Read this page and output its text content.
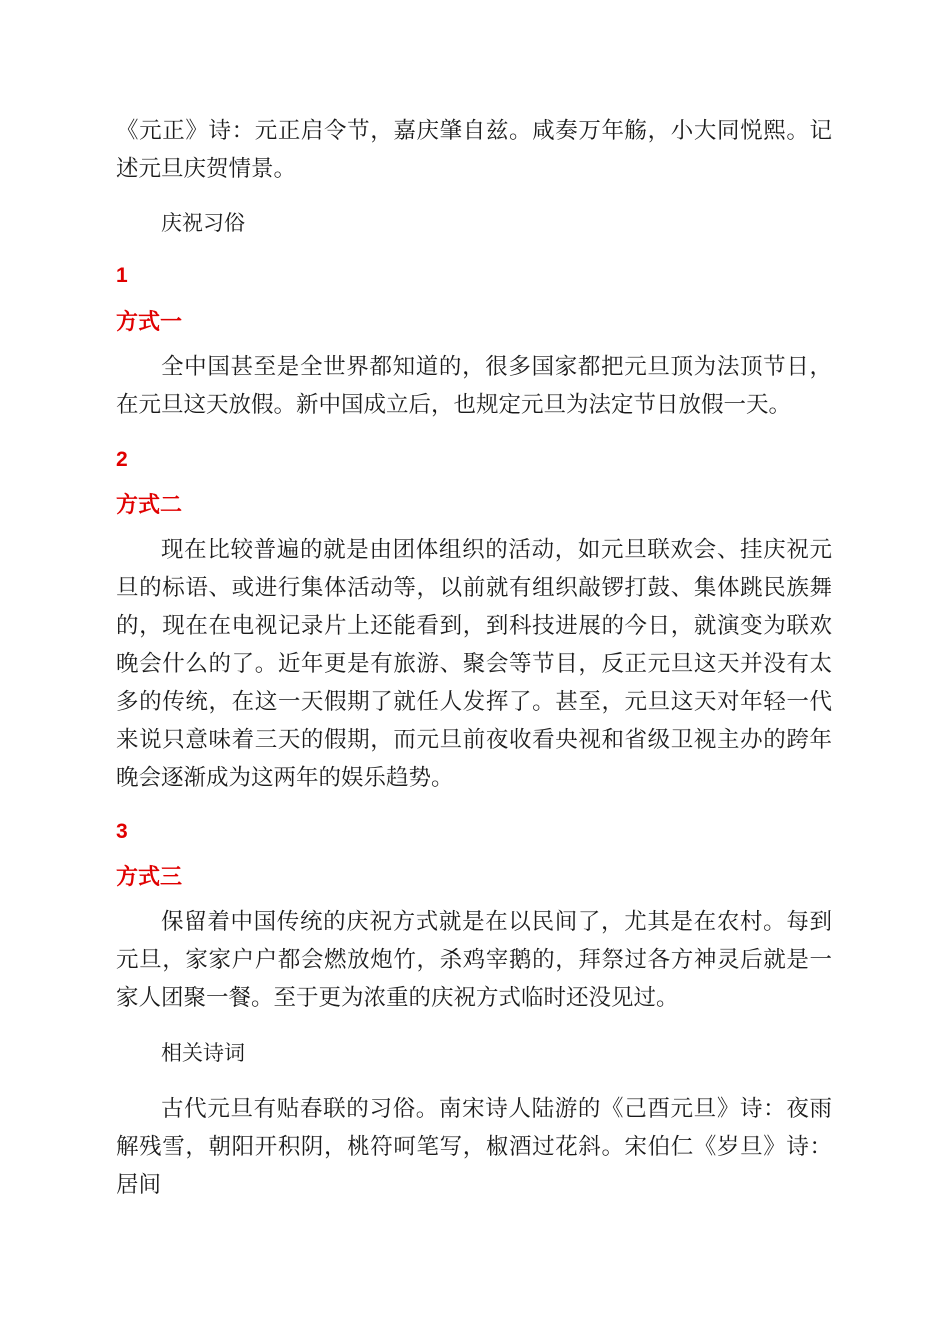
《元正》诗：元正启令节，嘉庆肇自兹。咸奏万年觞，小大同悦熙。记述元旦庆贺情景。

庆祝习俗

1

方式一

全中国甚至是全世界都知道的，很多国家都把元旦顶为法顶节日，在元旦这天放假。新中国成立后，也规定元旦为法定节日放假一天。

2

方式二

现在比较普遍的就是由团体组织的活动，如元旦联欢会、挂庆祝元旦的标语、或进行集体活动等，以前就有组织敲锣打鼓、集体跳民族舞的，现在在电视记录片上还能看到，到科技进展的今日，就演变为联欢晚会什么的了。近年更是有旅游、聚会等节目，反正元旦这天并没有太多的传统，在这一天假期了就任人发挥了。甚至，元旦这天对年轻一代来说只意味着三天的假期，而元旦前夜收看央视和省级卫视主办的跨年晚会逐渐成为这两年的娱乐趋势。

3

方式三

保留着中国传统的庆祝方式就是在以民间了，尤其是在农村。每到元旦，家家户户都会燃放炮竹，杀鸡宰鹅的，拜祭过各方神灵后就是一家人团聚一餐。至于更为浓重的庆祝方式临时还没见过。

相关诗词

古代元旦有贴春联的习俗。南宋诗人陆游的《己酉元旦》诗：夜雨解残雪，朝阳开积阴，桃符呵笔写，椒酒过花斜。宋伯仁《岁旦》诗：居间
